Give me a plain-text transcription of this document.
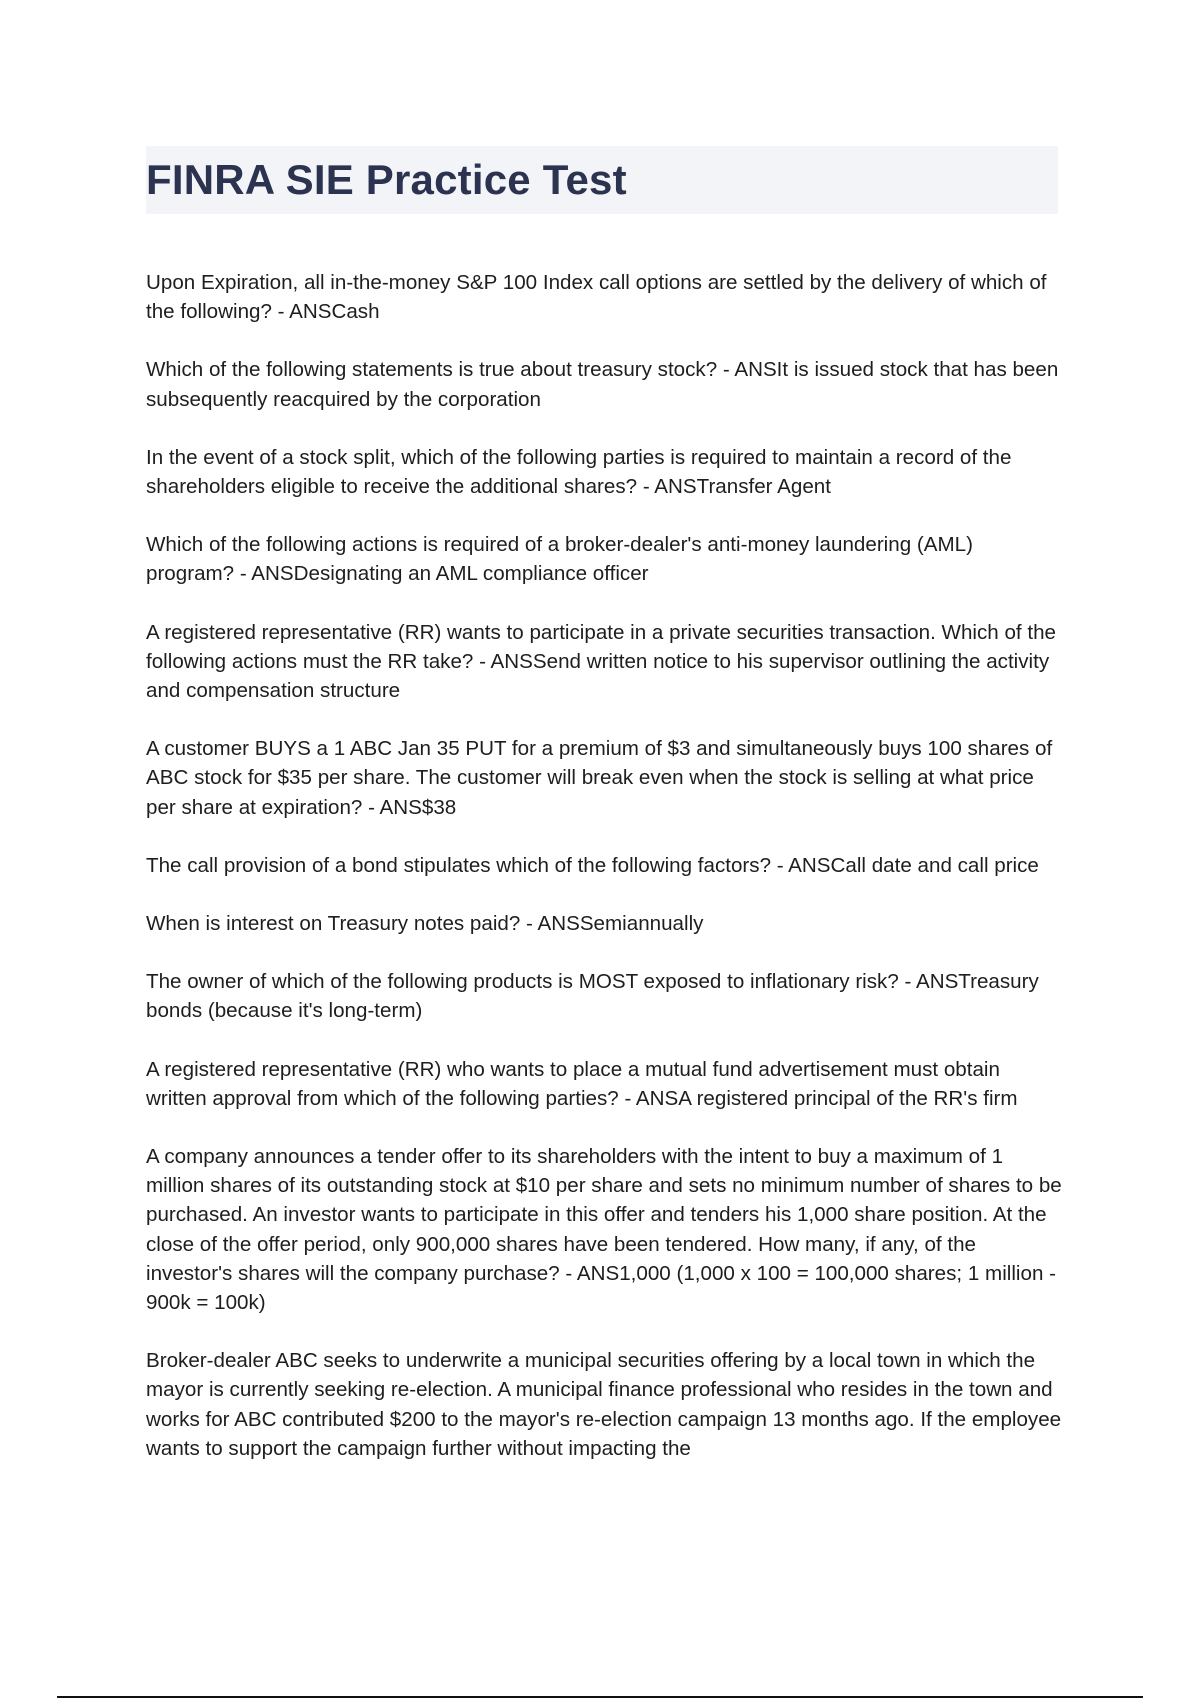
FINRA SIE Practice Test

Upon Expiration, all in-the-money S&P 100 Index call options are settled by the delivery of which of the following? - ANSCash

Which of the following statements is true about treasury stock? - ANSIt is issued stock that has been subsequently reacquired by the corporation

In the event of a stock split, which of the following parties is required to maintain a record of the shareholders eligible to receive the additional shares? - ANSTransfer Agent

Which of the following actions is required of a broker-dealer's anti-money laundering (AML) program? - ANSDesignating an AML compliance officer

A registered representative (RR) wants to participate in a private securities transaction. Which of the following actions must the RR take? - ANSSend written notice to his supervisor outlining the activity and compensation structure

A customer BUYS a 1 ABC Jan 35 PUT for a premium of $3 and simultaneously buys 100 shares of ABC stock for $35 per share. The customer will break even when the stock is selling at what price per share at expiration? - ANS$38

The call provision of a bond stipulates which of the following factors? - ANSCall date and call price

When is interest on Treasury notes paid? - ANSSemiannually

The owner of which of the following products is MOST exposed to inflationary risk? - ANSTreasury bonds (because it's long-term)

A registered representative (RR) who wants to place a mutual fund advertisement must obtain written approval from which of the following parties? - ANSA registered principal of the RR's firm

A company announces a tender offer to its shareholders with the intent to buy a maximum of 1 million shares of its outstanding stock at $10 per share and sets no minimum number of shares to be purchased. An investor wants to participate in this offer and tenders his 1,000 share position. At the close of the offer period, only 900,000 shares have been tendered. How many, if any, of the investor's shares will the company purchase? - ANS1,000 (1,000 x 100 = 100,000 shares; 1 million - 900k = 100k)

Broker-dealer ABC seeks to underwrite a municipal securities offering by a local town in which the mayor is currently seeking re-election. A municipal finance professional who resides in the town and works for ABC contributed $200 to the mayor's re-election campaign 13 months ago. If the employee wants to support the campaign further without impacting the
